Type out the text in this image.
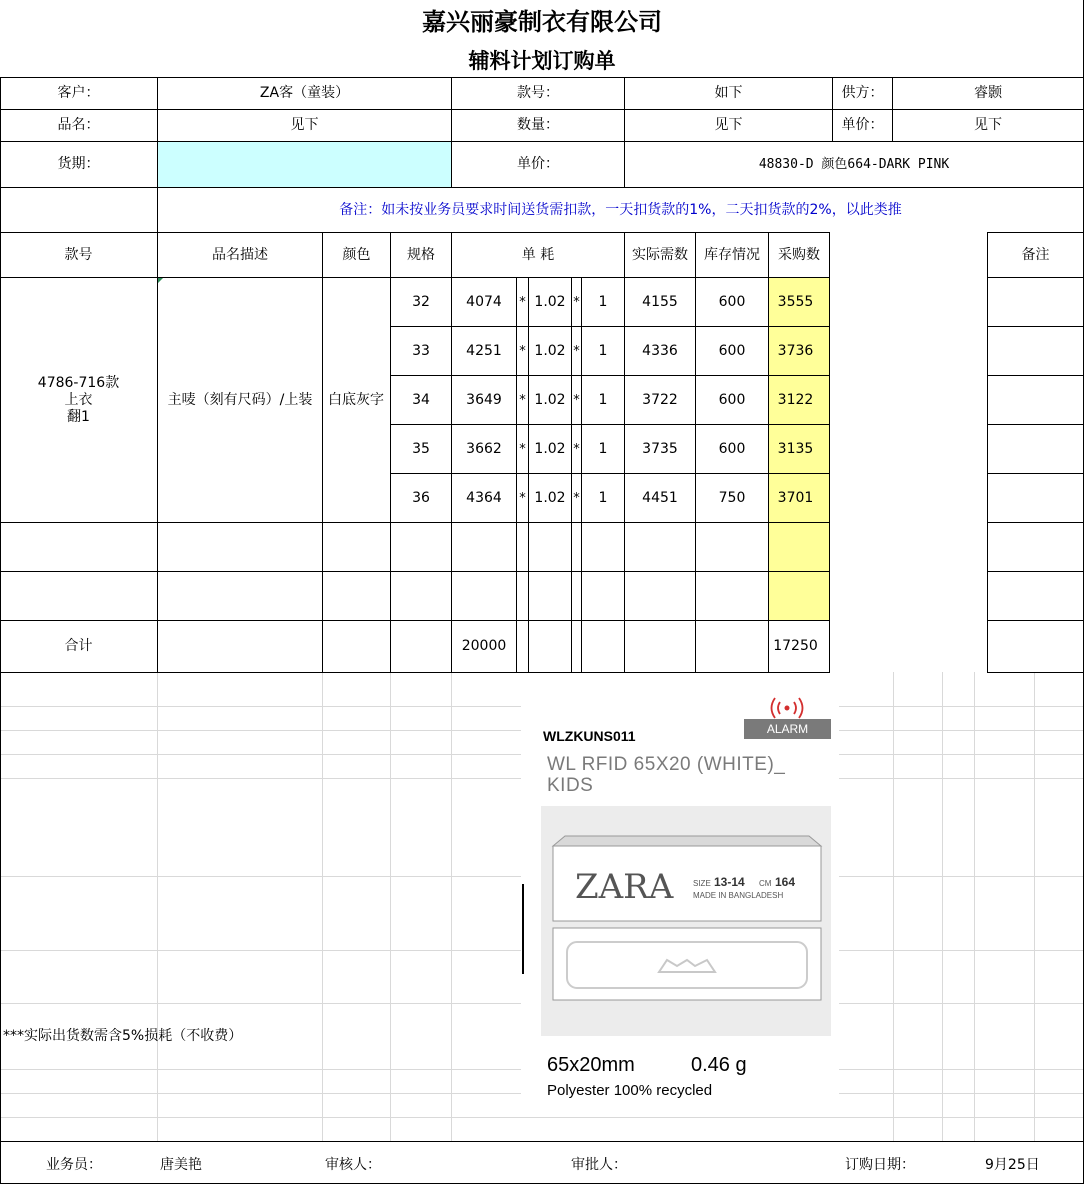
嘉兴丽豪制衣有限公司
辅料计划订购单
客户：	ZA客（童装）	款号：	如下	供方：	睿颢
品名：	见下	数量：	见下	单价：	见下
货期：	单价：	48830-D 颜色664-DARK PINK
备注：如未按业务员要求时间送货需扣款，一天扣货款的1%，二天扣货款的2%，以此类推
款号	品名描述	颜色	规格	单 耗	实际需数	库存情况	采购数	备注
4786-716款
上衣
翻1
主唛（刻有尺码）/上装	白底灰字
32	4074	* 1.02 *	1	4155	600	3555
33	4251	* 1.02 *	1	4336	600	3736
34	3649	* 1.02 *	1	3722	600	3122
35	3662	* 1.02 *	1	3735	600	3135
36	4364	* 1.02 *	1	4451	750	3701
合计	20000	17250
***实际出货数需含5%损耗（不收费）
ALARM
WLZKUNS011
WL RFID 65X20 (WHITE)_ KIDS
ZARA SIZE 13-14 CM 164
MADE IN BANGLADESH
65x20mm	0.46 g
Polyester 100% recycled
业务员：	唐美艳	审核人：	审批人：	订购日期：	9月25日
